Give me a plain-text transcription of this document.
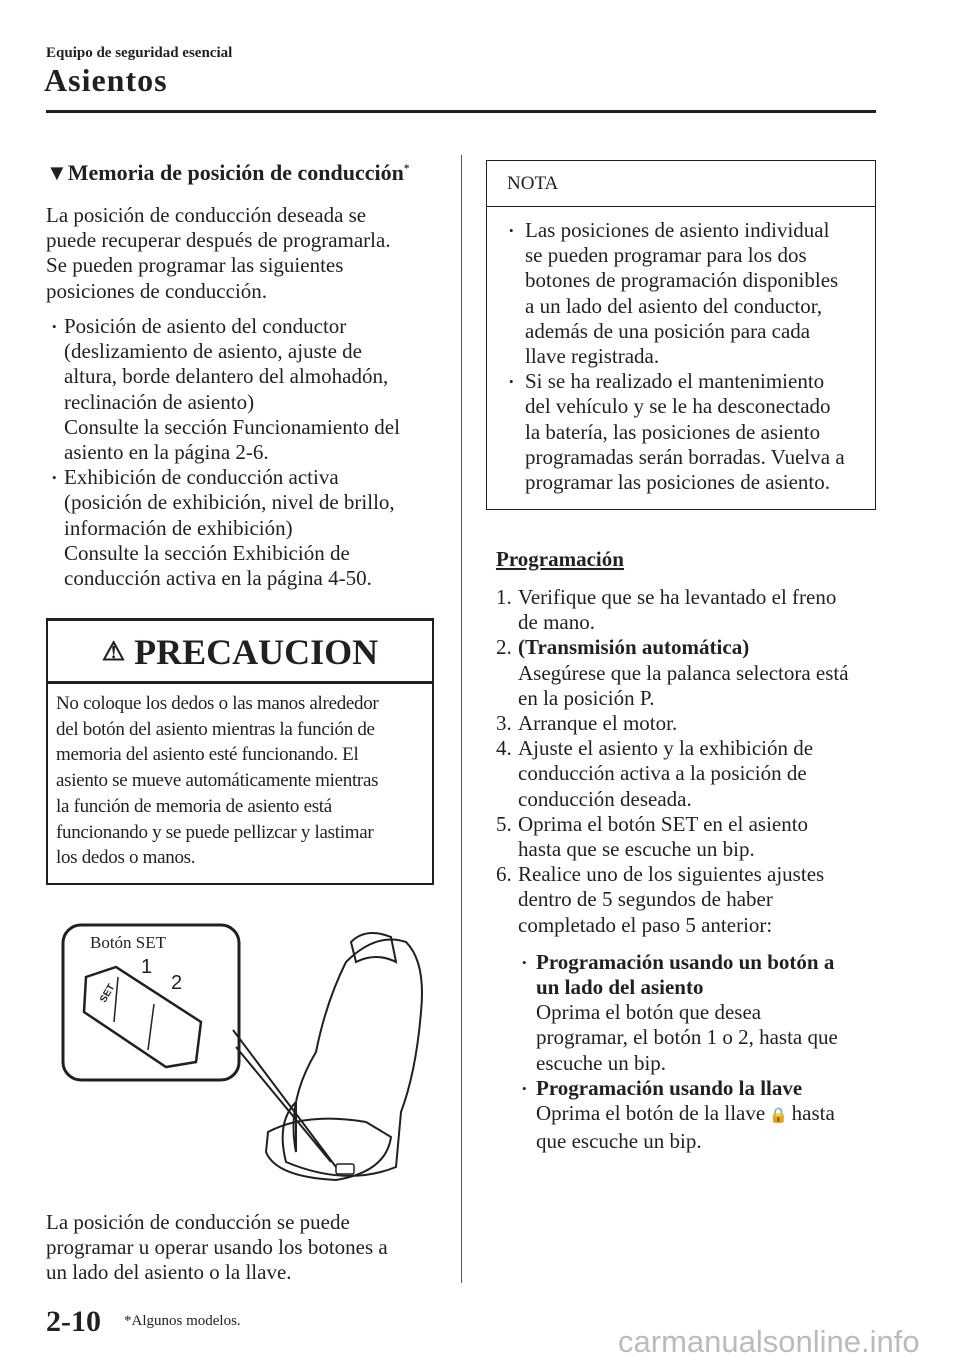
Equipo de seguridad esencial
Asientos
▼Memoria de posición de conducción*
La posición de conducción deseada se
puede recuperar después de programarla.
Se pueden programar las siguientes
posiciones de conducción.
• Posición de asiento del conductor
(deslizamiento de asiento, ajuste de
altura, borde delantero del almohadón,
reclinación de asiento)
Consulte la sección Funcionamiento del
asiento en la página 2-6.
• Exhibición de conducción activa
(posición de exhibición, nivel de brillo,
información de exhibición)
Consulte la sección Exhibición de
conducción activa en la página 4-50.
⚠ PRECAUCION
No coloque los dedos o las manos alrededor
del botón del asiento mientras la función de
memoria del asiento esté funcionando. El
asiento se mueve automáticamente mientras
la función de memoria de asiento está
funcionando y se puede pellizcar y lastimar
los dedos o manos.
Botón SET
1
2
SET
La posición de conducción se puede
programar u operar usando los botones a
un lado del asiento o la llave.
NOTA
• Las posiciones de asiento individual
se pueden programar para los dos
botones de programación disponibles
a un lado del asiento del conductor,
además de una posición para cada
llave registrada.
• Si se ha realizado el mantenimiento
del vehículo y se le ha desconectado
la batería, las posiciones de asiento
programadas serán borradas. Vuelva a
programar las posiciones de asiento.
Programación
1. Verifique que se ha levantado el freno
de mano.
2. (Transmisión automática)
Asegúrese que la palanca selectora está
en la posición P.
3. Arranque el motor.
4. Ajuste el asiento y la exhibición de
conducción activa a la posición de
conducción deseada.
5. Oprima el botón SET en el asiento
hasta que se escuche un bip.
6. Realice uno de los siguientes ajustes
dentro de 5 segundos de haber
completado el paso 5 anterior:
• Programación usando un botón a
un lado del asiento
Oprima el botón que desea
programar, el botón 1 o 2, hasta que
escuche un bip.
• Programación usando la llave
Oprima el botón de la llave 🔒 hasta
que escuche un bip.
2-10 *Algunos modelos.
carmanualsonline.info
